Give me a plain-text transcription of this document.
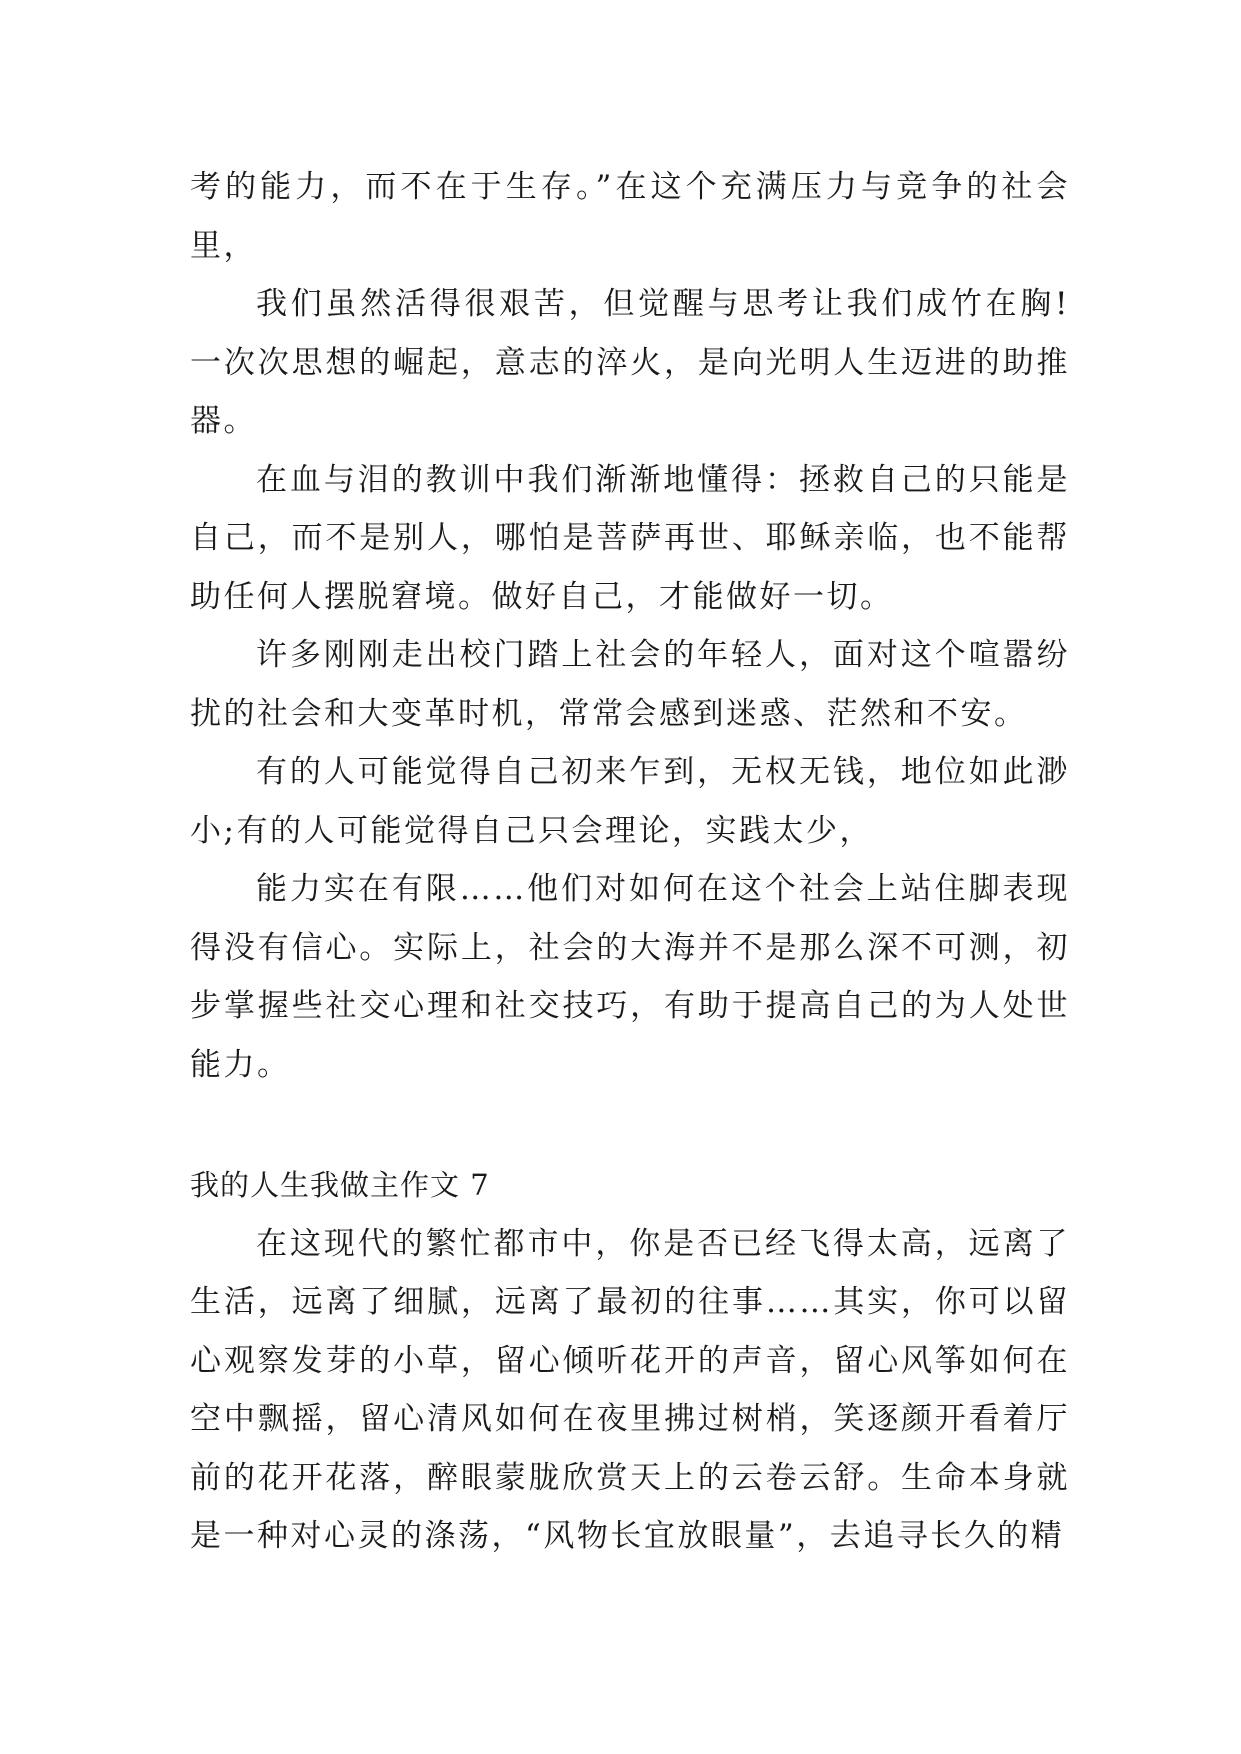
考的能力，而不在于生存。”在这个充满压力与竞争的社会里，

我们虽然活得很艰苦，但觉醒与思考让我们成竹在胸!一次次思想的崛起，意志的淬火，是向光明人生迈进的助推器。

在血与泪的教训中我们渐渐地懂得：拯救自己的只能是自己，而不是别人，哪怕是菩萨再世、耶稣亲临，也不能帮助任何人摆脱窘境。做好自己，才能做好一切。

许多刚刚走出校门踏上社会的年轻人，面对这个喧嚣纷扰的社会和大变革时机，常常会感到迷惑、茫然和不安。

有的人可能觉得自己初来乍到，无权无钱，地位如此渺小;有的人可能觉得自己只会理论，实践太少，

能力实在有限……他们对如何在这个社会上站住脚表现得没有信心。实际上，社会的大海并不是那么深不可测，初步掌握些社交心理和社交技巧，有助于提高自己的为人处世能力。

我的人生我做主作文 7

在这现代的繁忙都市中，你是否已经飞得太高，远离了生活，远离了细腻，远离了最初的往事……其实，你可以留心观察发芽的小草，留心倾听花开的声音，留心风筝如何在空中飘摇，留心清风如何在夜里拂过树梢，笑逐颜开看着厅前的花开花落，醉眼蒙胧欣赏天上的云卷云舒。生命本身就是一种对心灵的涤荡，“风物长宜放眼量”，去追寻长久的精
